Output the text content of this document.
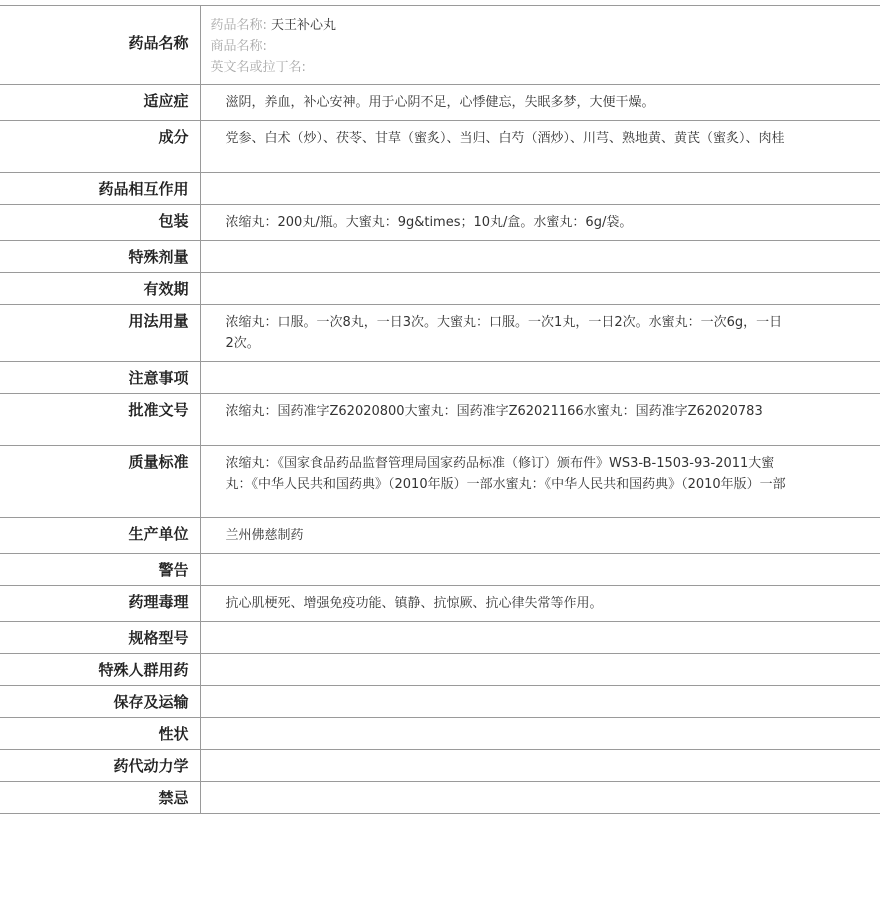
药品名称	药品名称: 天王补心丸
商品名称:
英文名或拉丁名:

适应症	滋阴，养血，补心安神。用于心阴不足，心悸健忘，失眠多梦，大便干燥。
成分	党参、白术（炒）、茯苓、甘草（蜜炙）、当归、白芍（酒炒）、川芎、熟地黄、黄芪（蜜炙）、肉桂
药品相互作用	
包装	浓缩丸：200丸/瓶。大蜜丸：9g&times；10丸/盒。水蜜丸：6g/袋。
特殊剂量	
有效期	
用法用量	浓缩丸：口服。一次8丸，一日3次。大蜜丸：口服。一次1丸，一日2次。水蜜丸：一次6g，一日2次。
注意事项	
批准文号	浓缩丸：国药准字Z62020800大蜜丸：国药准字Z62021166水蜜丸：国药准字Z62020783
质量标准	浓缩丸：《国家食品药品监督管理局国家药品标准（修订）颁布件》WS3-B-1503-93-2011大蜜丸：《中华人民共和国药典》（2010年版）一部水蜜丸：《中华人民共和国药典》（2010年版）一部
生产单位	兰州佛慈制药
警告	
药理毒理	抗心肌梗死、增强免疫功能、镇静、抗惊厥、抗心律失常等作用。
规格型号	
特殊人群用药	
保存及运输	
性状	
药代动力学	
禁忌	
